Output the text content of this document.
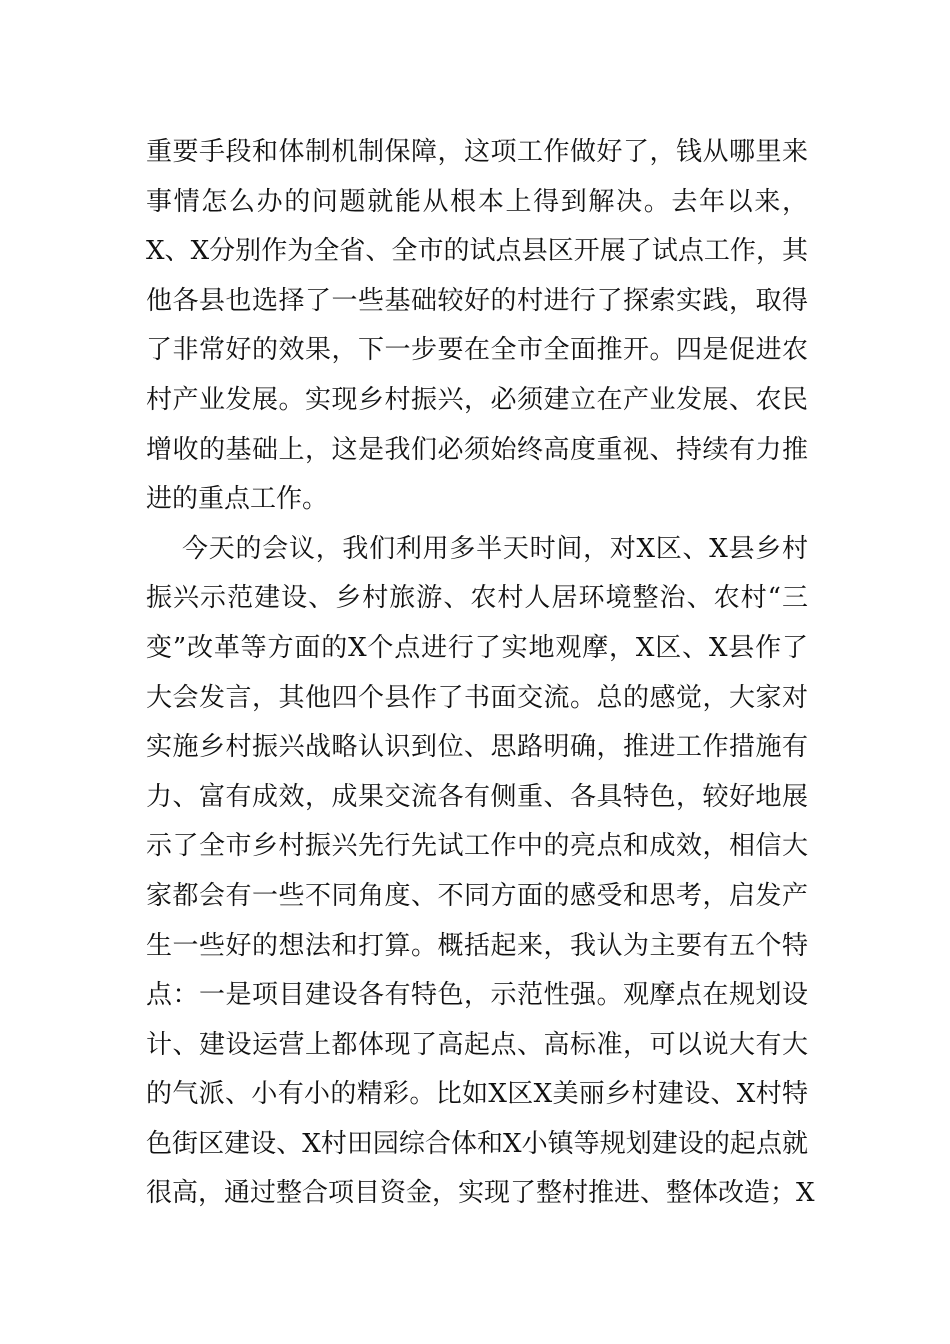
重要手段和体制机制保障，这项工作做好了，钱从哪里来
事情怎么办的问题就能从根本上得到解决。去年以来，
X、X分别作为全省、全市的试点县区开展了试点工作，其
他各县也选择了一些基础较好的村进行了探索实践，取得
了非常好的效果，下一步要在全市全面推开。四是促进农
村产业发展。实现乡村振兴，必须建立在产业发展、农民
增收的基础上，这是我们必须始终高度重视、持续有力推
进的重点工作。
今天的会议，我们利用多半天时间，对X区、X县乡村
振兴示范建设、乡村旅游、农村人居环境整治、农村“三
变”改革等方面的X个点进行了实地观摩，X区、X县作了
大会发言，其他四个县作了书面交流。总的感觉，大家对
实施乡村振兴战略认识到位、思路明确，推进工作措施有
力、富有成效，成果交流各有侧重、各具特色，较好地展
示了全市乡村振兴先行先试工作中的亮点和成效，相信大
家都会有一些不同角度、不同方面的感受和思考，启发产
生一些好的想法和打算。概括起来，我认为主要有五个特
点：一是项目建设各有特色，示范性强。观摩点在规划设
计、建设运营上都体现了高起点、高标准，可以说大有大
的气派、小有小的精彩。比如X区X美丽乡村建设、X村特
色街区建设、X村田园综合体和X小镇等规划建设的起点就
很高，通过整合项目资金，实现了整村推进、整体改造；X
